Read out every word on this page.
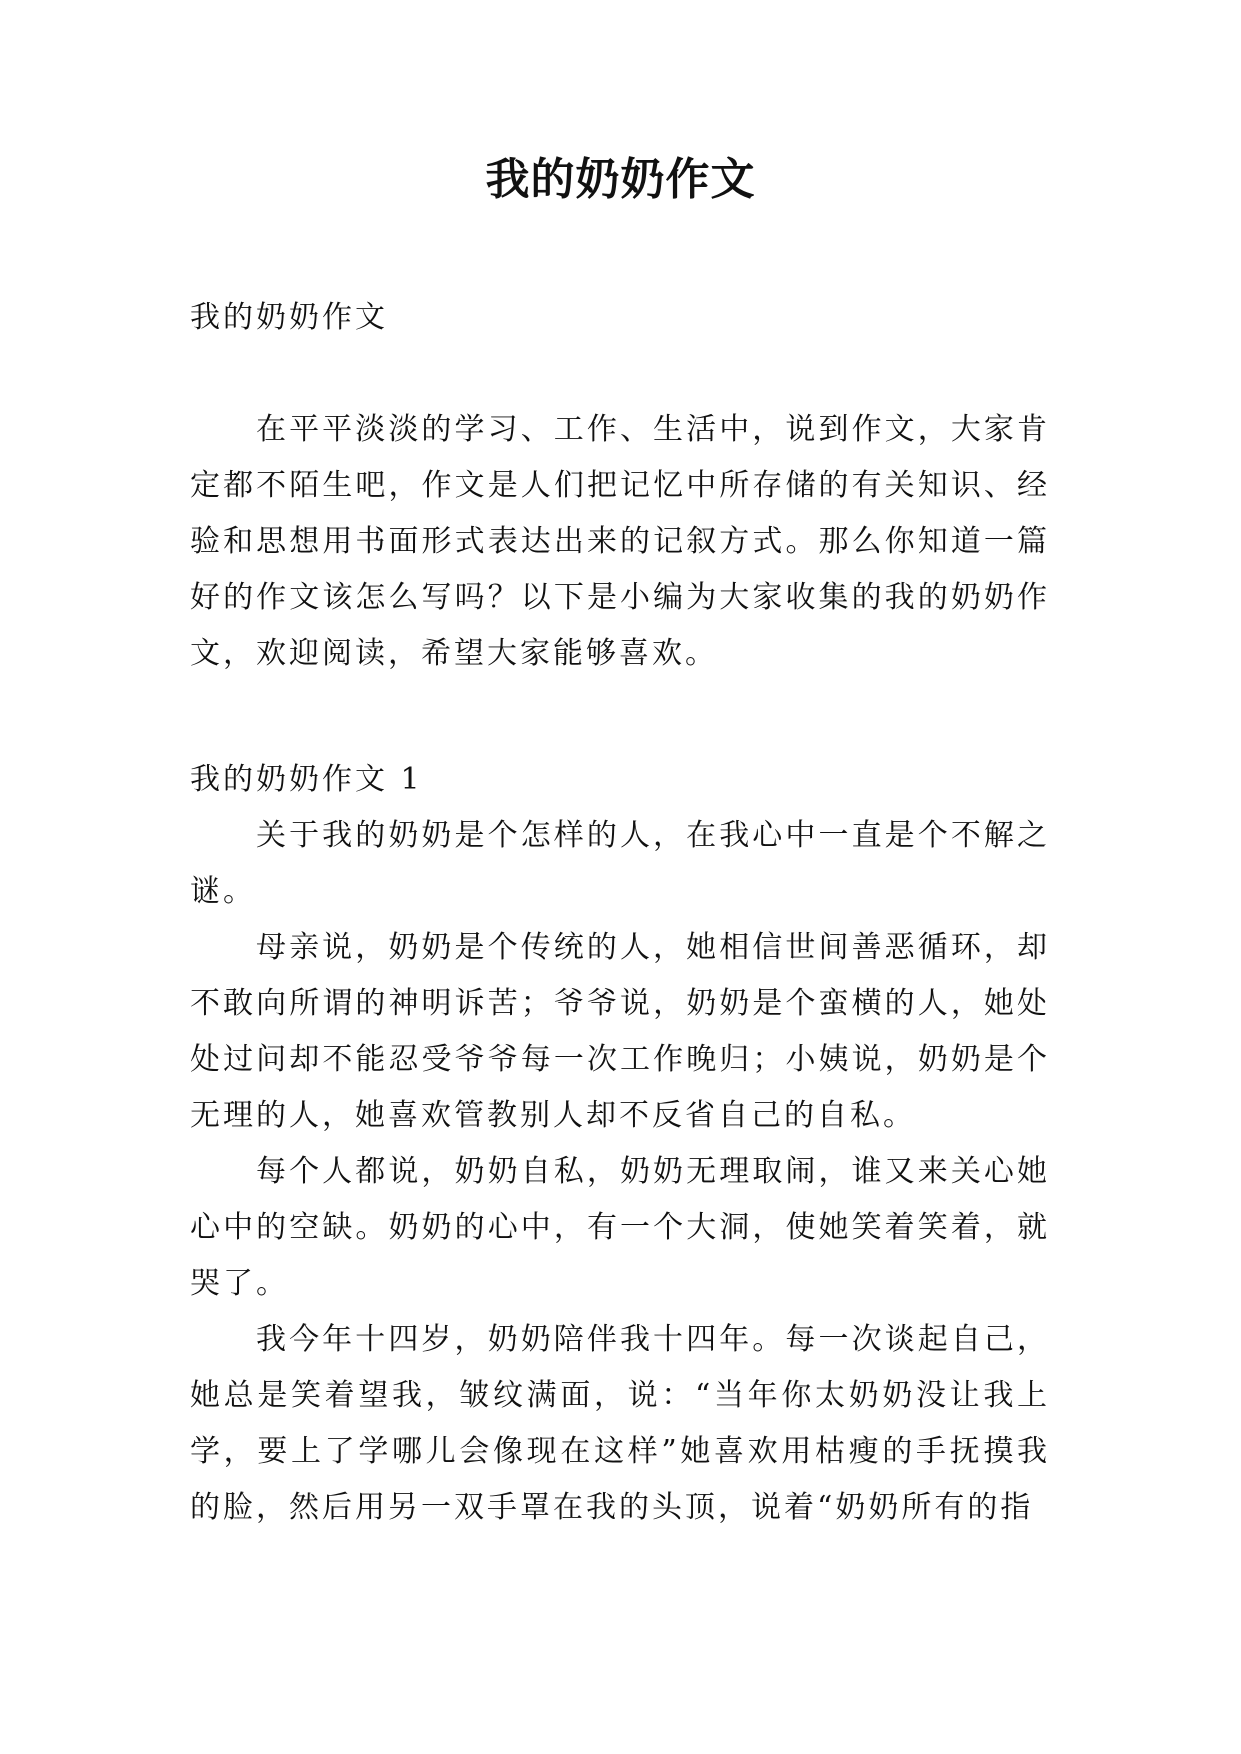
我的奶奶作文

我的奶奶作文

在平平淡淡的学习、工作、生活中，说到作文，大家肯定都不陌生吧，作文是人们把记忆中所存储的有关知识、经验和思想用书面形式表达出来的记叙方式。那么你知道一篇好的作文该怎么写吗？以下是小编为大家收集的我的奶奶作文，欢迎阅读，希望大家能够喜欢。

我的奶奶作文 1

关于我的奶奶是个怎样的人，在我心中一直是个不解之谜。

母亲说，奶奶是个传统的人，她相信世间善恶循环，却不敢向所谓的神明诉苦；爷爷说，奶奶是个蛮横的人，她处处过问却不能忍受爷爷每一次工作晚归；小姨说，奶奶是个无理的人，她喜欢管教别人却不反省自己的自私。

每个人都说，奶奶自私，奶奶无理取闹，谁又来关心她心中的空缺。奶奶的心中，有一个大洞，使她笑着笑着，就哭了。

我今年十四岁，奶奶陪伴我十四年。每一次谈起自己，她总是笑着望我，皱纹满面，说：“当年你太奶奶没让我上学，要上了学哪儿会像现在这样”她喜欢用枯瘦的手抚摸我的脸，然后用另一双手罩在我的头顶，说着“奶奶所有的指
